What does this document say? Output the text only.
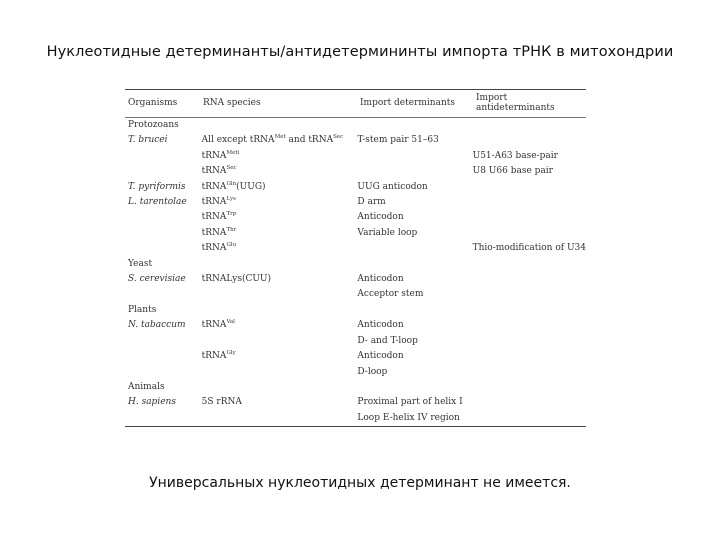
Нуклеотидные детерминанты/антидетермининты импорта тРНК в митохондрии
Organisms	RNA species	Import determinants	Import antideterminants
Protozoans			
T. brucei	All except tRNA$^{Met}$ and tRNA$^{Sec}$	T-stem pair 51–63	
	tRNA$^{Meti}$		U51-A63 base-pair
	tRNA$^{Sec}$		U8 U66 base pair
T. pyriformis	tRNA$^{Gln}$(UUG)	UUG anticodon	
L. tarentolae	tRNA$^{Lys}$	D arm	
	tRNA$^{Trp}$	Anticodon	
	tRNA$^{Thr}$	Variable loop	
	tRNA$^{Glu}$		Thio-modification of U34
Yeast			
S. cerevisiae	tRNALys(CUU)	Anticodon	
		Acceptor stem	
Plants			
N. tabaccum	tRNA$^{Val}$	Anticodon	
		D- and T-loop	
	tRNA$^{Gly}$	Anticodon	
		D-loop	
Animals			
H. sapiens	5S rRNA	Proximal part of helix I	
		Loop E-helix IV region	
Универсальных нуклеотидных детерминант не имеется.
